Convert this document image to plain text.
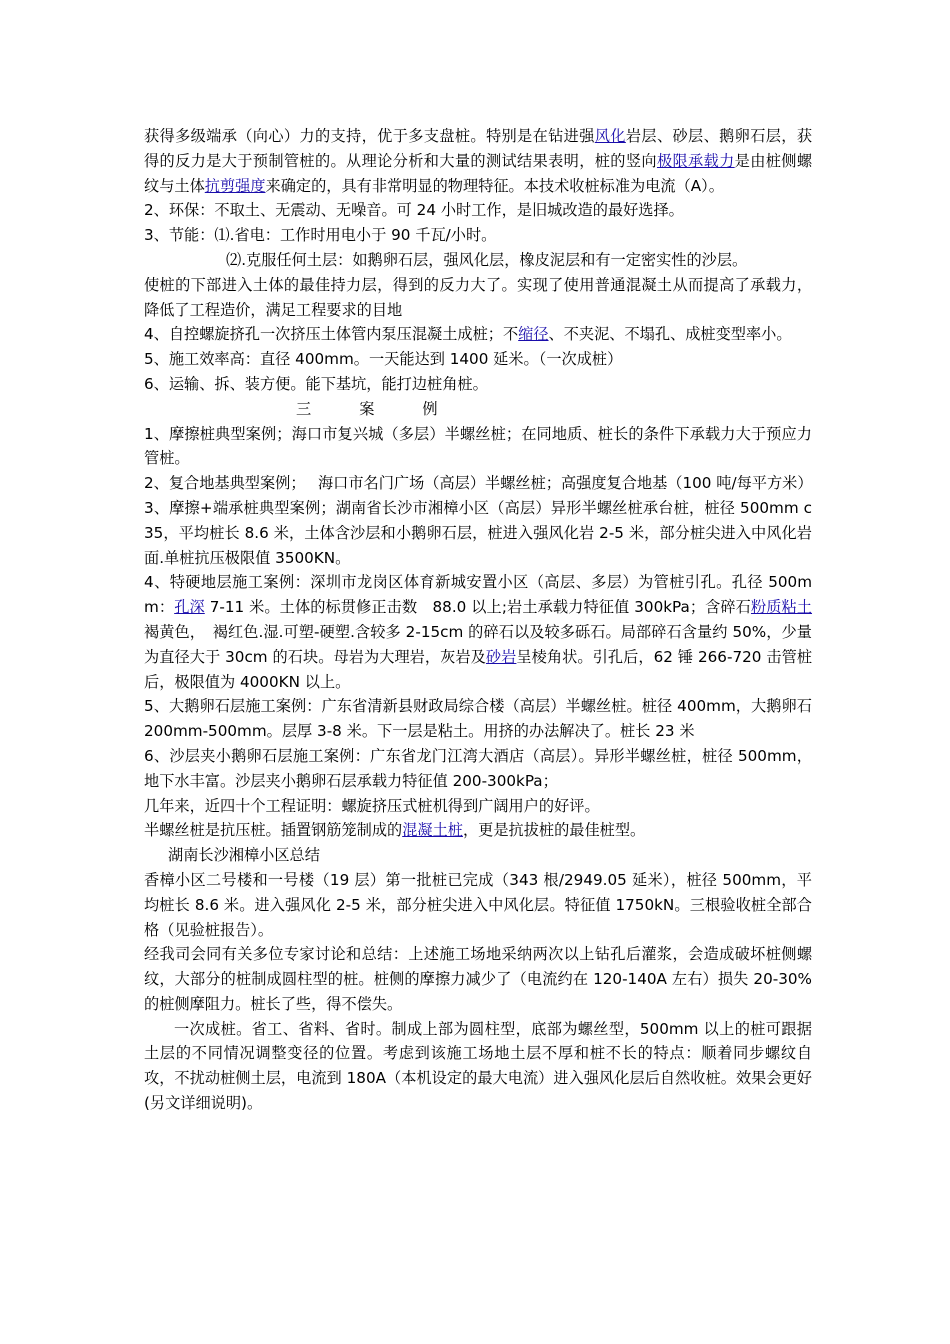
获得多级端承（向心）力的支持，优于多支盘桩。特别是在钻进强风化岩层、砂层、鹅卵石层，获得的反力是大于预制管桩的。从理论分析和大量的测试结果表明，桩的竖向极限承载力是由桩侧螺纹与土体抗剪强度来确定的，具有非常明显的物理特征。本技术收桩标准为电流（A）。

2、环保：不取土、无震动、无噪音。可 24 小时工作，是旧城改造的最好选择。

3、节能：⑴.省电：工作时用电小于 90 千瓦/小时。

⑵.克服任何土层：如鹅卵石层，强风化层，橡皮泥层和有一定密实性的沙层。

使桩的下部进入土体的最佳持力层，得到的反力大了。实现了使用普通混凝土从而提高了承载力，降低了工程造价，满足工程要求的目地

4、自控螺旋挤孔一次挤压土体管内泵压混凝土成桩；不缩径、不夹泥、不塌孔、成桩变型率小。

5、施工效率高：直径 400mm。一天能达到 1400 延米。（一次成桩）

6、运输、拆、装方便。能下基坑，能打边桩角桩。

三	案	例

1、摩擦桩典型案例；海口市复兴城（多层）半螺丝桩；在同地质、桩长的条件下承载力大于预应力管桩。

2、复合地基典型案例；　 海口市名门广场（高层）半螺丝桩；高强度复合地基（100 吨/每平方米）

3、摩擦+端承桩典型案例；湖南省长沙市湘樟小区（高层）异形半螺丝桩承台桩，桩径 500mm c35，平均桩长 8.6 米，土体含沙层和小鹅卵石层，桩进入强风化岩 2-5 米，部分桩尖进入中风化岩面.单桩抗压极限值 3500KN。

4、特硬地层施工案例：深圳市龙岗区体育新城安置小区（高层、多层）为管桩引孔。孔径 500mm：孔深 7-11 米。土体的标贯修正击数　88.0 以上;岩土承载力特征值 300kPa；含碎石粉质粘土褐黄色，　褐红色.湿.可塑-硬塑.含较多 2-15cm 的碎石以及较多砾石。局部碎石含量约 50%，少量为直径大于 30cm 的石块。母岩为大理岩，灰岩及砂岩呈棱角状。引孔后，62 锤 266-720 击管桩后，极限值为 4000KN 以上。

5、大鹅卵石层施工案例：广东省清新县财政局综合楼（高层）半螺丝桩。桩径 400mm，大鹅卵石 200mm-500mm。层厚 3-8 米。下一层是粘土。用挤的办法解决了。桩长 23 米

6、沙层夹小鹅卵石层施工案例：广东省龙门江湾大酒店（高层）。异形半螺丝桩，桩径 500mm，地下水丰富。沙层夹小鹅卵石层承载力特征值 200-300kPa；

几年来，近四十个工程证明：螺旋挤压式桩机得到广阔用户的好评。

半螺丝桩是抗压桩。插置钢筋笼制成的混凝土桩，更是抗拔桩的最佳桩型。

湖南长沙湘樟小区总结

香樟小区二号楼和一号楼（19 层）第一批桩已完成（343 根/2949.05 延米），桩径 500mm，平均桩长 8.6 米。进入强风化 2-5 米，部分桩尖进入中风化层。特征值 1750kN。三根验收桩全部合格（见验桩报告）。

经我司会同有关多位专家讨论和总结：上述施工场地采纳两次以上钻孔后灌浆，会造成破坏桩侧螺纹，大部分的桩制成圆柱型的桩。桩侧的摩擦力减少了（电流约在 120-140A 左右）损失 20-30%的桩侧摩阻力。桩长了些，得不偿失。

一次成桩。省工、省料、省时。制成上部为圆柱型，底部为螺丝型，500mm 以上的桩可跟据土层的不同情况调整变径的位置。考虑到该施工场地土层不厚和桩不长的特点：顺着同步螺纹自攻，不扰动桩侧土层，电流到 180A（本机设定的最大电流）进入强风化层后自然收桩。效果会更好(另文详细说明)。
